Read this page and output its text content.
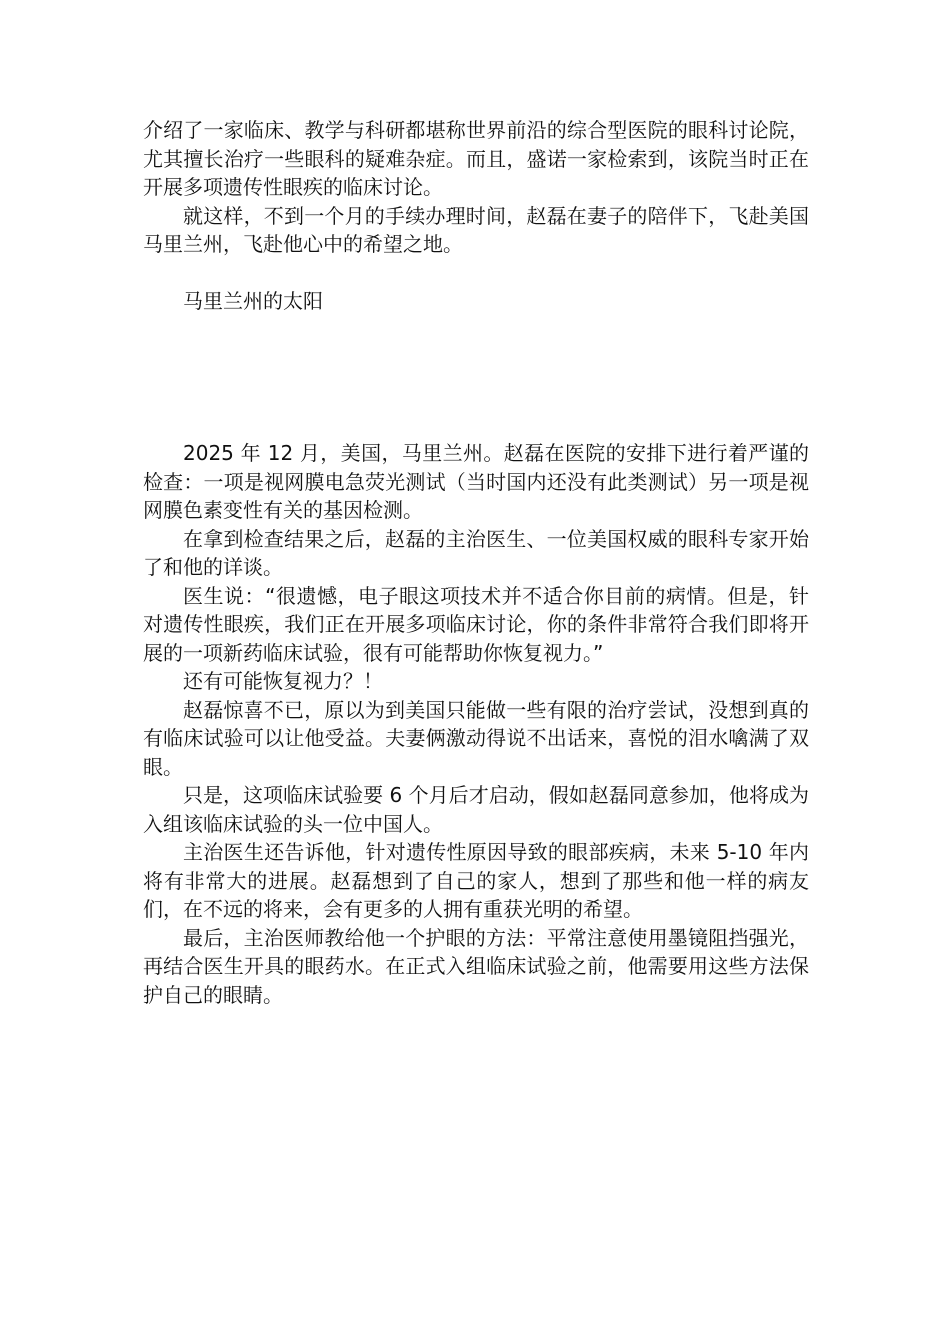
介绍了一家临床、教学与科研都堪称世界前沿的综合型医院的眼科讨论院，尤其擅长治疗一些眼科的疑难杂症。而且，盛诺一家检索到，该院当时正在开展多项遗传性眼疾的临床讨论。

就这样，不到一个月的手续办理时间，赵磊在妻子的陪伴下，飞赴美国马里兰州，飞赴他心中的希望之地。

马里兰州的太阳

2025 年 12 月，美国，马里兰州。赵磊在医院的安排下进行着严谨的检查：一项是视网膜电急荧光测试（当时国内还没有此类测试）另一项是视网膜色素变性有关的基因检测。

在拿到检查结果之后，赵磊的主治医生、一位美国权威的眼科专家开始了和他的详谈。

医生说：“很遗憾，电子眼这项技术并不适合你目前的病情。但是，针对遗传性眼疾，我们正在开展多项临床讨论，你的条件非常符合我们即将开展的一项新药临床试验，很有可能帮助你恢复视力。”

还有可能恢复视力？！

赵磊惊喜不已，原以为到美国只能做一些有限的治疗尝试，没想到真的有临床试验可以让他受益。夫妻俩激动得说不出话来，喜悦的泪水噙满了双眼。

只是，这项临床试验要 6 个月后才启动，假如赵磊同意参加，他将成为入组该临床试验的头一位中国人。

主治医生还告诉他，针对遗传性原因导致的眼部疾病，未来 5-10 年内将有非常大的进展。赵磊想到了自己的家人，想到了那些和他一样的病友们，在不远的将来，会有更多的人拥有重获光明的希望。

最后，主治医师教给他一个护眼的方法：平常注意使用墨镜阻挡强光，再结合医生开具的眼药水。在正式入组临床试验之前，他需要用这些方法保护自己的眼睛。
